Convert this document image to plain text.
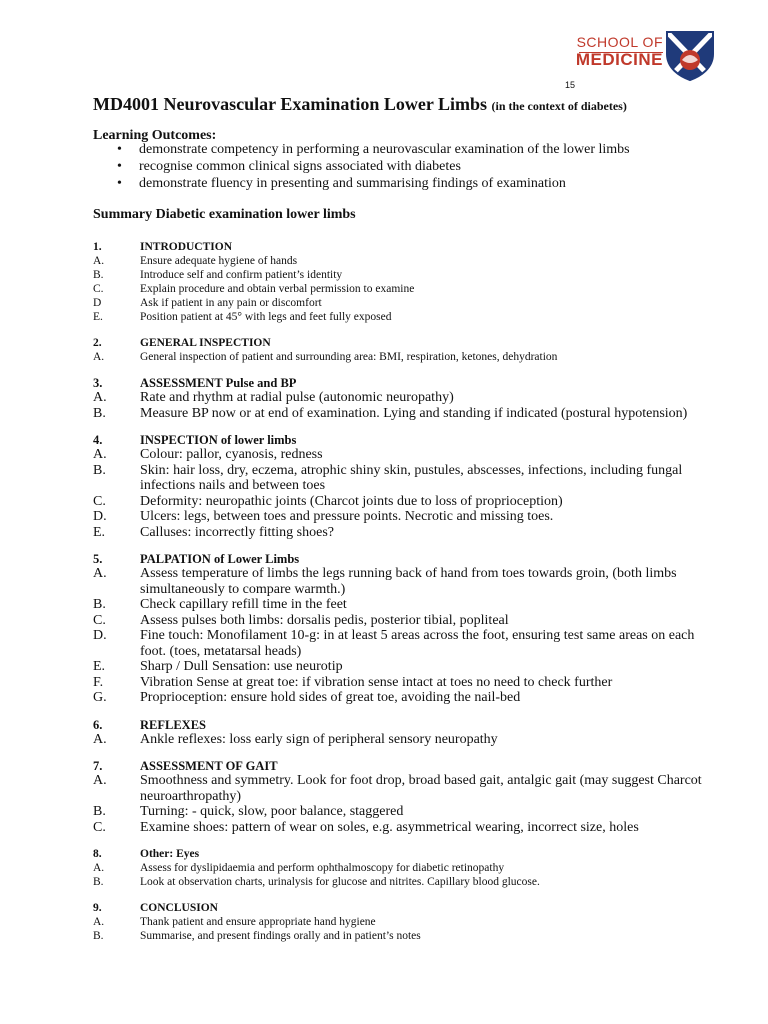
SCHOOL OF
MEDICINE
15
MD4001 Neurovascular Examination Lower Limbs (in the context of diabetes)
Learning Outcomes:
• demonstrate competency in performing a neurovascular examination of the lower limbs
• recognise common clinical signs associated with diabetes
• demonstrate fluency in presenting and summarising findings of examination
Summary Diabetic examination lower limbs
1.	INTRODUCTION
A.	Ensure adequate hygiene of hands
B.	Introduce self and confirm patient’s identity
C.	Explain procedure and obtain verbal permission to examine
D	Ask if patient in any pain or discomfort
E.	Position patient at 45° with legs and feet fully exposed
2.	GENERAL INSPECTION
A.	General inspection of patient and surrounding area: BMI, respiration, ketones, dehydration
3.	ASSESSMENT Pulse and BP
A.	Rate and rhythm at radial pulse (autonomic neuropathy)
B.	Measure BP now or at end of examination. Lying and standing if indicated (postural hypotension)
4.	INSPECTION of lower limbs
A.	Colour: pallor, cyanosis, redness
B.	Skin: hair loss, dry, eczema, atrophic shiny skin, pustules, abscesses, infections, including fungal infections nails and between toes
C.	Deformity: neuropathic joints (Charcot joints due to loss of proprioception)
D.	Ulcers: legs, between toes and pressure points. Necrotic and missing toes.
E.	Calluses: incorrectly fitting shoes?
5.	PALPATION of Lower Limbs
A.	Assess temperature of limbs the legs running back of hand from toes towards groin, (both limbs simultaneously to compare warmth.)
B.	Check capillary refill time in the feet
C.	Assess pulses both limbs: dorsalis pedis, posterior tibial, popliteal
D.	Fine touch: Monofilament 10-g: in at least 5 areas across the foot, ensuring test same areas on each foot. (toes, metatarsal heads)
E.	Sharp / Dull Sensation: use neurotip
F.	Vibration Sense at great toe: if vibration sense intact at toes no need to check further
G.	Proprioception: ensure hold sides of great toe, avoiding the nail-bed
6.	REFLEXES
A.	Ankle reflexes: loss early sign of peripheral sensory neuropathy
7.	ASSESSMENT OF GAIT
A.	Smoothness and symmetry. Look for foot drop, broad based gait, antalgic gait (may suggest Charcot neuroarthropathy)
B.	Turning: - quick, slow, poor balance, staggered
C.	Examine shoes: pattern of wear on soles, e.g. asymmetrical wearing, incorrect size, holes
8.	Other: Eyes
A.	Assess for dyslipidaemia and perform ophthalmoscopy for diabetic retinopathy
B.	Look at observation charts, urinalysis for glucose and nitrites. Capillary blood glucose.
9.	CONCLUSION
A.	Thank patient and ensure appropriate hand hygiene
B.	Summarise, and present findings orally and in patient’s notes
